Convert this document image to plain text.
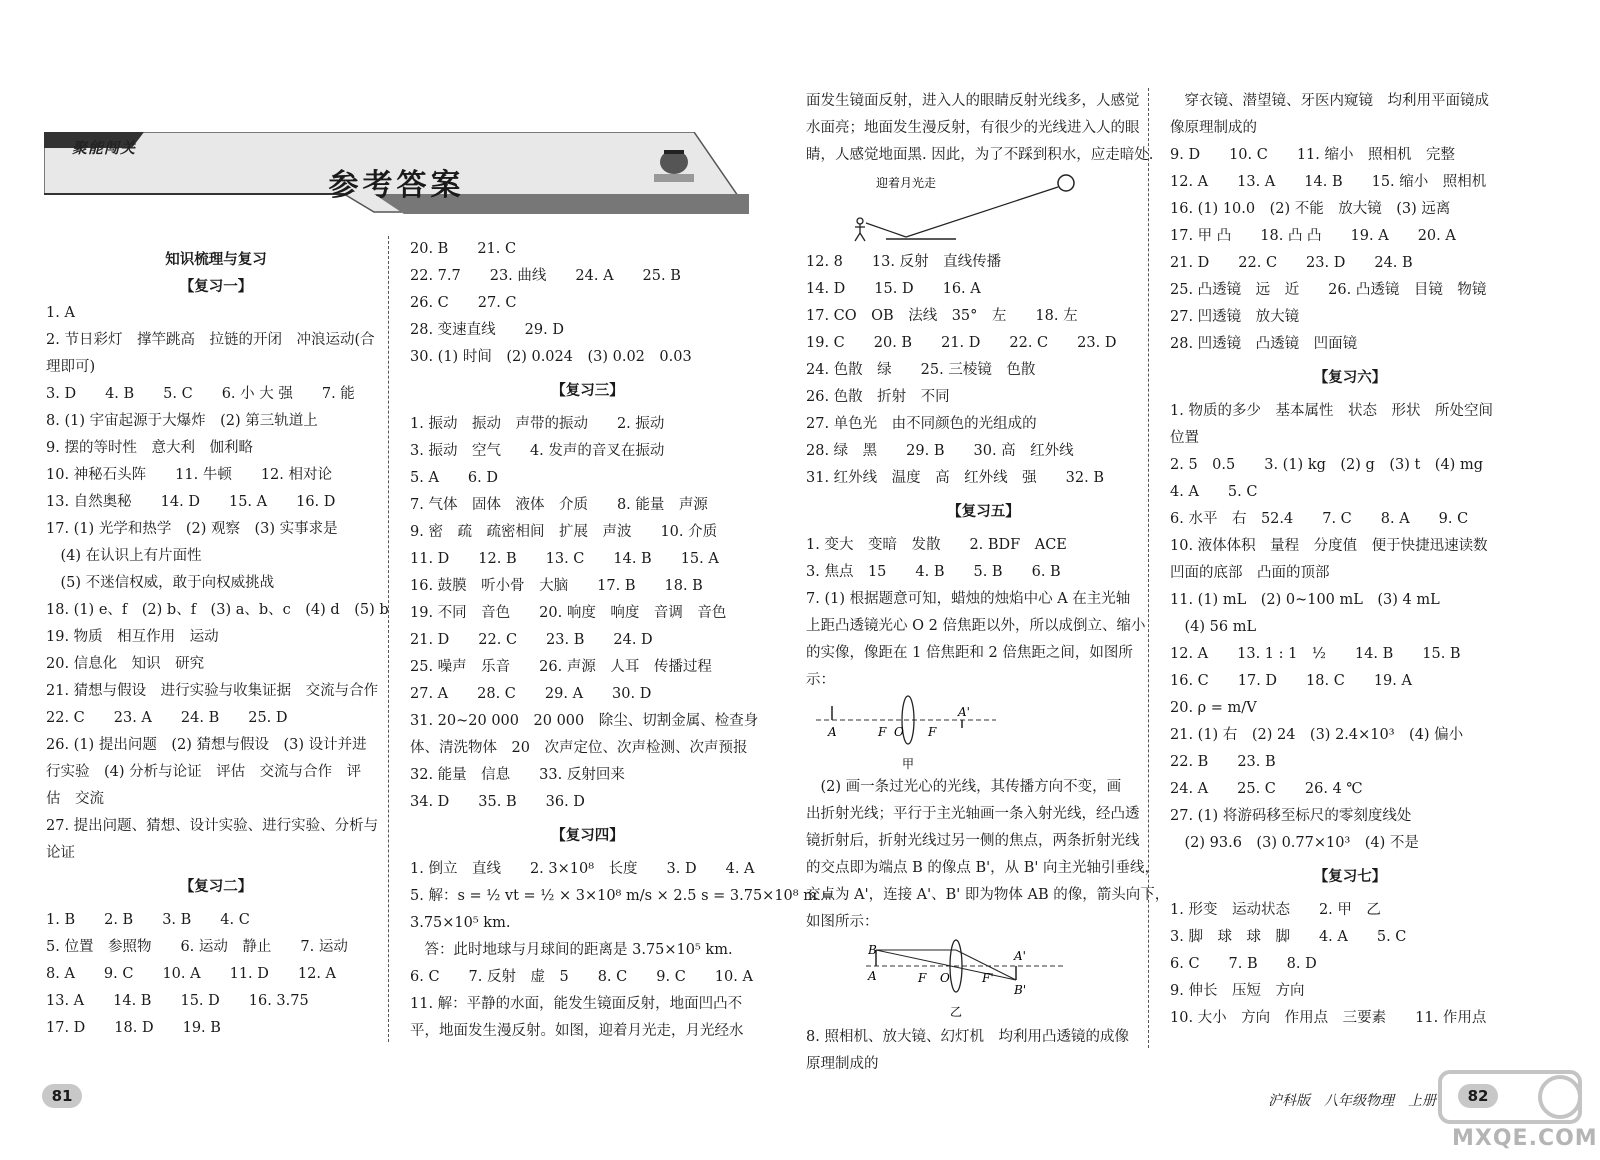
聚能闯关
参考答案
知识梳理与复习
【复习一】
1. A
2. 节日彩灯　撑竿跳高　拉链的开闭　冲浪运动(合
理即可)
3. D　　4. B　　5. C　　6. 小 大 强　　7. 能
8. (1) 宇宙起源于大爆炸　(2) 第三轨道上
9. 摆的等时性　意大利　伽利略
10. 神秘石头阵　　11. 牛顿　　12. 相对论
13. 自然奥秘　　14. D　　15. A　　16. D
17. (1) 光学和热学　(2) 观察　(3) 实事求是
　(4) 在认识上有片面性
　(5) 不迷信权威，敢于向权威挑战
18. (1) e、f　(2) b、f　(3) a、b、c　(4) d　(5) b
19. 物质　相互作用　运动
20. 信息化　知识　研究
21. 猜想与假设　进行实验与收集证据　交流与合作
22. C　　23. A　　24. B　　25. D
26. (1) 提出问题　(2) 猜想与假设　(3) 设计并进
行实验　(4) 分析与论证　评估　交流与合作　评
估　交流
27. 提出问题、猜想、设计实验、进行实验、分析与
论证
【复习二】
1. B　　2. B　　3. B　　4. C
5. 位置　参照物　　6. 运动　静止　　7. 运动
8. A　　9. C　　10. A　　11. D　　12. A
13. A　　14. B　　15. D　　16. 3.75
17. D　　18. D　　19. B
20. B　　21. C
22. 7.7　　23. 曲线　　24. A　　25. B
26. C　　27. C
28. 变速直线　　29. D
30. (1) 时间　(2) 0.024　(3) 0.02　0.03
【复习三】
1. 振动　振动　声带的振动　　2. 振动
3. 振动　空气　　4. 发声的音叉在振动
5. A　　6. D
7. 气体　固体　液体　介质　　8. 能量　声源
9. 密　疏　疏密相间　扩展　声波　　10. 介质
11. D　　12. B　　13. C　　14. B　　15. A
16. 鼓膜　听小骨　大脑　　17. B　　18. B
19. 不同　音色　　20. 响度　响度　音调　音色
21. D　　22. C　　23. B　　24. D
25. 噪声　乐音　　26. 声源　人耳　传播过程
27. A　　28. C　　29. A　　30. D
31. 20~20 000　20 000　除尘、切割金属、检查身
体、清洗物体　20　次声定位、次声检测、次声预报
32. 能量　信息　　33. 反射回来
34. D　　35. B　　36. D
【复习四】
1. 倒立　直线　　2. 3×10⁸　长度　　3. D　　4. A
5. 解：s = ½ vt = ½ × 3×10⁸ m/s × 2.5 s = 3.75×10⁸ m =
3.75×10⁵ km.
　答：此时地球与月球间的距离是 3.75×10⁵ km.
6. C　　7. 反射　虚　5　　8. C　　9. C　　10. A
11. 解：平静的水面，能发生镜面反射，地面凹凸不
平，地面发生漫反射。如图，迎着月光走，月光经水
面发生镜面反射，进入人的眼睛反射光线多，人感觉
水面亮；地面发生漫反射，有很少的光线进入人的眼
睛，人感觉地面黑. 因此，为了不踩到积水，应走暗处.
迎着月光走
12. 8　　13. 反射　直线传播
14. D　　15. D　　16. A
17. CO　OB　法线　35°　左　　18. 左
19. C　　20. B　　21. D　　22. C　　23. D
24. 色散　绿　　25. 三棱镜　色散
26. 色散　折射　不同
27. 单色光　由不同颜色的光组成的
28. 绿　黑　　29. B　　30. 高　红外线
31. 红外线　温度　高　红外线　强　　32. B
【复习五】
1. 变大　变暗　发散　　2. BDF　ACE
3. 焦点　15　　4. B　　5. B　　6. B
7. (1) 根据题意可知，蜡烛的烛焰中心 A 在主光轴
上距凸透镜光心 O 2 倍焦距以外，所以成倒立、缩小
的实像，像距在 1 倍焦距和 2 倍焦距之间，如图所
示：
A	F O F
A'
甲
　(2) 画一条过光心的光线，其传播方向不变，画
出折射光线；平行于主光轴画一条入射光线，经凸透
镜折射后，折射光线过另一侧的焦点，两条折射光线
的交点即为端点 B 的像点 B'，从 B' 向主光轴引垂线，
交点为 A'，连接 A'、B' 即为物体 AB 的像，箭头向下，
如图所示：
B
A	F O	F'
A'
B'
乙
8. 照相机、放大镜、幻灯机　均利用凸透镜的成像
原理制成的
　穿衣镜、潜望镜、牙医内窥镜　均利用平面镜成
像原理制成的
9. D　　10. C　　11. 缩小　照相机　完整
12. A　　13. A　　14. B　　15. 缩小　照相机
16. (1) 10.0　(2) 不能　放大镜　(3) 远离
17. 甲 凸　　18. 凸 凸　　19. A　　20. A
21. D　　22. C　　23. D　　24. B
25. 凸透镜　远　近　　26. 凸透镜　目镜　物镜
27. 凹透镜　放大镜
28. 凹透镜　凸透镜　凹面镜
【复习六】
1. 物质的多少　基本属性　状态　形状　所处空间
位置
2. 5　0.5　　3. (1) kg　(2) g　(3) t　(4) mg
4. A　　5. C
6. 水平　右　52.4　　7. C　　8. A　　9. C
10. 液体体积　量程　分度值　便于快捷迅速读数
凹面的底部　凸面的顶部
11. (1) mL　(2) 0~100 mL　(3) 4 mL
　(4) 56 mL
12. A　　13. 1 : 1　½　　14. B　　15. B
16. C　　17. D　　18. C　　19. A
20. ρ = m/V
21. (1) 右　(2) 24　(3) 2.4×10³　(4) 偏小
22. B　　23. B
24. A　　25. C　　26. 4 ℃
27. (1) 将游码移至标尺的零刻度线处
　(2) 93.6　(3) 0.77×10³　(4) 不是
【复习七】
1. 形变　运动状态　　2. 甲　乙
3. 脚　球　球　脚　　4. A　　5. C
6. C　　7. B　　8. D
9. 伸长　压短　方向
10. 大小　方向　作用点　三要素　　11. 作用点
81	沪科版　八年级物理　上册	82
MXQE.COM
